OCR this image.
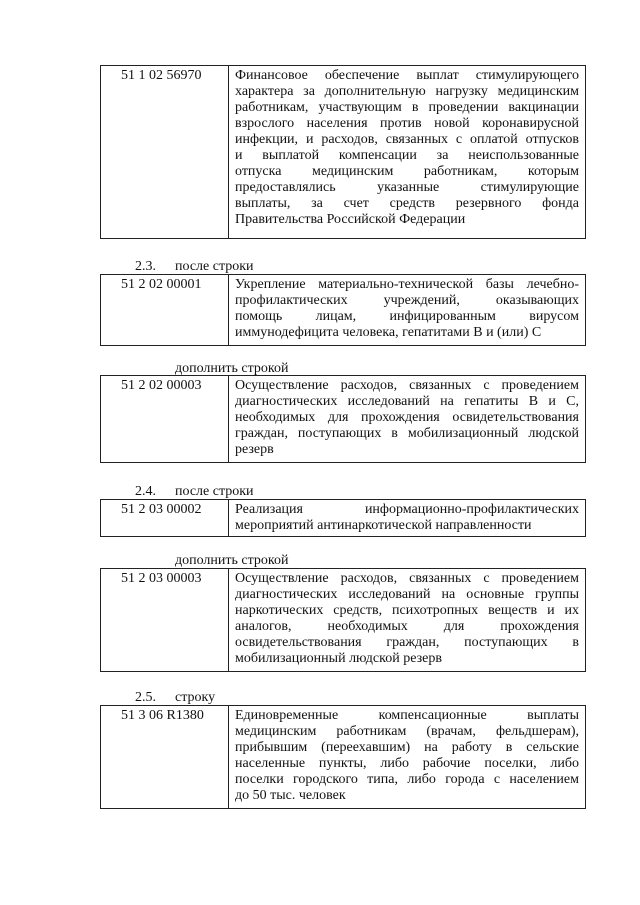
51 1 02 56970	Финансовое обеспечение выплат стимулирующего
характера за дополнительную нагрузку медицинским
работникам, участвующим в проведении вакцинации
взрослого населения против новой коронавирусной
инфекции, и расходов, связанных с оплатой отпусков
и выплатой компенсации за неиспользованные
отпуска медицинским работникам, которым
предоставлялись указанные стимулирующие
выплаты, за счет средств резервного фонда
Правительства Российской Федерации
2.3. после строки
51 2 02 00001	Укрепление материально-технической базы лечебно-
профилактических учреждений, оказывающих
помощь лицам, инфицированным вирусом
иммунодефицита человека, гепатитами В и (или) С
дополнить строкой
51 2 02 00003	Осуществление расходов, связанных с проведением
диагностических исследований на гепатиты В и С,
необходимых для прохождения освидетельствования
граждан, поступающих в мобилизационный людской
резерв
2.4. после строки
51 2 03 00002	Реализация информационно-профилактических
мероприятий антинаркотической направленности
дополнить строкой
51 2 03 00003	Осуществление расходов, связанных с проведением
диагностических исследований на основные группы
наркотических средств, психотропных веществ и их
аналогов, необходимых для прохождения
освидетельствования граждан, поступающих в
мобилизационный людской резерв
2.5. строку
51 3 06 R1380	Единовременные компенсационные выплаты
медицинским работникам (врачам, фельдшерам),
прибывшим (переехавшим) на работу в сельские
населенные пункты, либо рабочие поселки, либо
поселки городского типа, либо города с населением
до 50 тыс. человек
